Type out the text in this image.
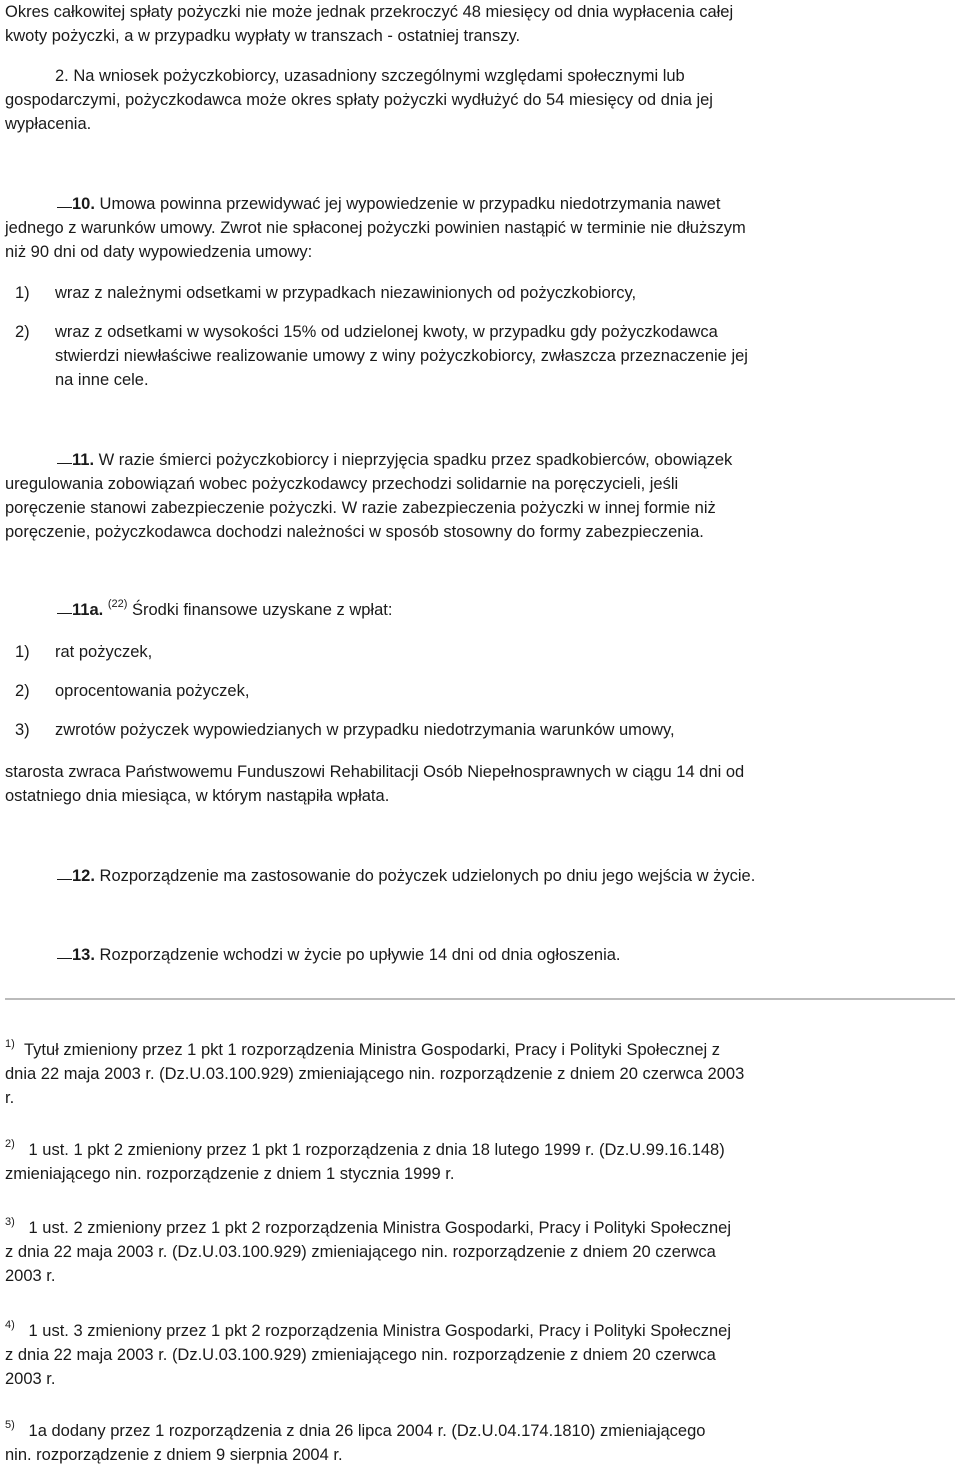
Okres całkowitej spłaty pożyczki nie może jednak przekroczyć 48 miesięcy od dnia wypłacenia całej

kwoty pożyczki, a w przypadku wypłaty w transzach - ostatniej transzy.

2. Na wniosek pożyczkobiorcy, uzasadniony szczególnymi względami społecznymi lub

gospodarczymi, pożyczkodawca może okres spłaty pożyczki wydłużyć do 54 miesięcy od dnia jej

wypłacenia.

10. Umowa powinna przewidywać jej wypowiedzenie w przypadku niedotrzymania nawet

jednego z warunków umowy. Zwrot nie spłaconej pożyczki powinien nastąpić w terminie nie dłuższym

niż 90 dni od daty wypowiedzenia umowy:

1)	wraz z należnymi odsetkami w przypadkach niezawinionych od pożyczkobiorcy,
2)	wraz z odsetkami w wysokości 15% od udzielonej kwoty, w przypadku gdy pożyczkodawca
stwierdzi niewłaściwe realizowanie umowy z winy pożyczkobiorcy, zwłaszcza przeznaczenie jej
na inne cele.

11. W razie śmierci pożyczkobiorcy i nieprzyjęcia spadku przez spadkobierców, obowiązek

uregulowania zobowiązań wobec pożyczkodawcy przechodzi solidarnie na poręczycieli, jeśli

poręczenie stanowi zabezpieczenie pożyczki. W razie zabezpieczenia pożyczki w innej formie niż

poręczenie, pożyczkodawca dochodzi należności w sposób stosowny do formy zabezpieczenia.

11a. $^{(22)}$ Środki finansowe uzyskane z wpłat:

1)	rat pożyczek,
2)	oprocentowania pożyczek,
3)	zwrotów pożyczek wypowiedzianych w przypadku niedotrzymania warunków umowy,

starosta zwraca Państwowemu Funduszowi Rehabilitacji Osób Niepełnosprawnych w ciągu 14 dni od

ostatniego dnia miesiąca, w którym nastąpiła wpłata.

12. Rozporządzenie ma zastosowanie do pożyczek udzielonych po dniu jego wejścia w życie.

13. Rozporządzenie wchodzi w życie po upływie 14 dni od dnia ogłoszenia.

$^{1)}$ Tytuł zmieniony przez 1 pkt 1 rozporządzenia Ministra Gospodarki, Pracy i Polityki Społecznej z

dnia 22 maja 2003 r. (Dz.U.03.100.929) zmieniającego nin. rozporządzenie z dniem 20 czerwca 2003

r.

$^{2)}$   1 ust. 1 pkt 2 zmieniony przez 1 pkt 1 rozporządzenia z dnia 18 lutego 1999 r. (Dz.U.99.16.148)

zmieniającego nin. rozporządzenie z dniem 1 stycznia 1999 r.

$^{3)}$   1 ust. 2 zmieniony przez 1 pkt 2 rozporządzenia Ministra Gospodarki, Pracy i Polityki Społecznej

z dnia 22 maja 2003 r. (Dz.U.03.100.929) zmieniającego nin. rozporządzenie z dniem 20 czerwca

2003 r.

$^{4)}$   1 ust. 3 zmieniony przez 1 pkt 2 rozporządzenia Ministra Gospodarki, Pracy i Polityki Społecznej

z dnia 22 maja 2003 r. (Dz.U.03.100.929) zmieniającego nin. rozporządzenie z dniem 20 czerwca

2003 r.

$^{5)}$   1a dodany przez 1 rozporządzenia z dnia 26 lipca 2004 r. (Dz.U.04.174.1810) zmieniającego

nin. rozporządzenie z dniem 9 sierpnia 2004 r.
